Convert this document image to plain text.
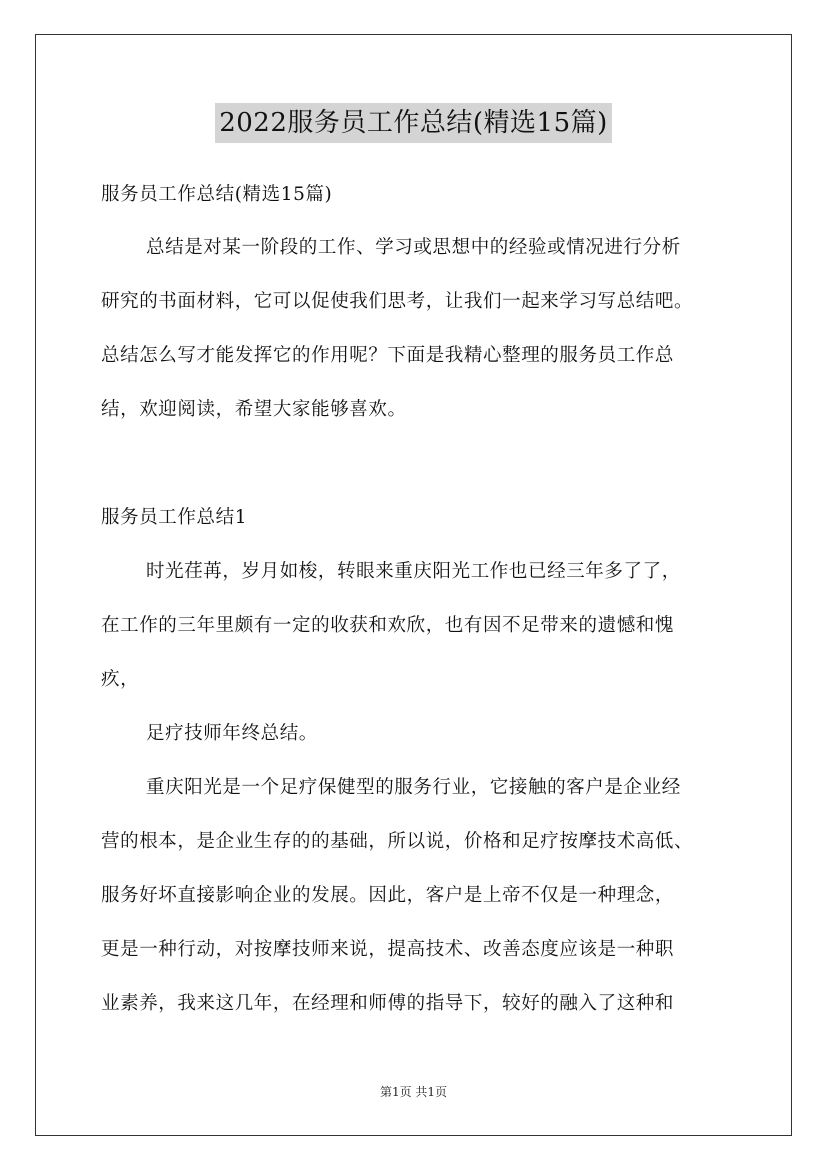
2022服务员工作总结(精选15篇)
服务员工作总结(精选15篇)
总结是对某一阶段的工作、学习或思想中的经验或情况进行分析
研究的书面材料，它可以促使我们思考，让我们一起来学习写总结吧。
总结怎么写才能发挥它的作用呢？下面是我精心整理的服务员工作总
结，欢迎阅读，希望大家能够喜欢。
服务员工作总结1
时光荏苒，岁月如梭，转眼来重庆阳光工作也已经三年多了了，
在工作的三年里颇有一定的收获和欢欣，也有因不足带来的遗憾和愧
疚，
足疗技师年终总结。
重庆阳光是一个足疗保健型的服务行业，它接触的客户是企业经
营的根本，是企业生存的的基础，所以说，价格和足疗按摩技术高低、
服务好坏直接影响企业的发展。因此，客户是上帝不仅是一种理念，
更是一种行动，对按摩技师来说，提高技术、改善态度应该是一种职
业素养，我来这几年，在经理和师傅的指导下，较好的融入了这种和
第1页 共1页
